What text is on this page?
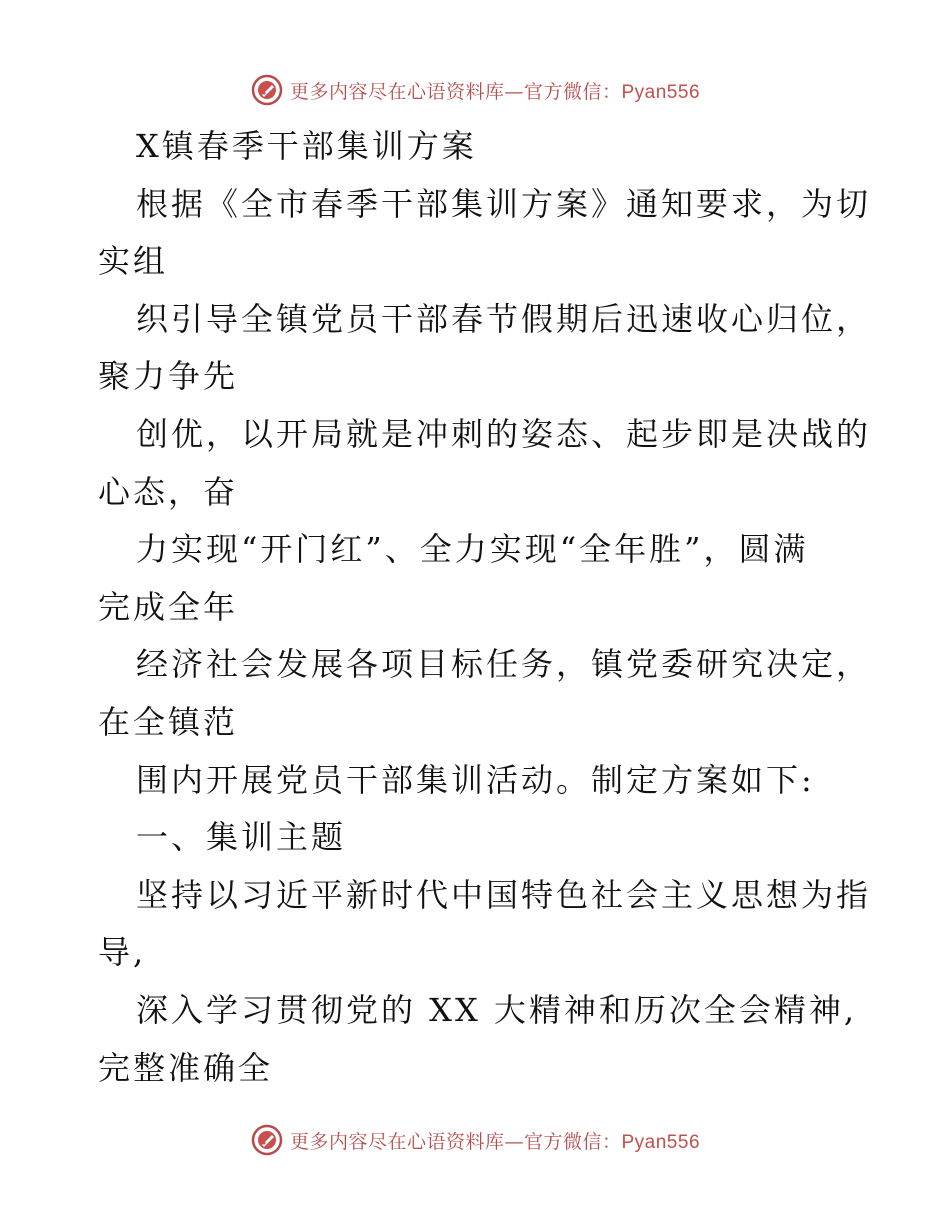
更多内容尽在心语资料库—官方微信：Pyan556
X镇春季干部集训方案
根据《全市春季干部集训方案》通知要求，为切
实组
织引导全镇党员干部春节假期后迅速收心归位，
聚力争先
创优，以开局就是冲刺的姿态、起步即是决战的
心态，奋
力实现“开门红”、全力实现“全年胜”，圆满
完成全年
经济社会发展各项目标任务，镇党委研究决定，
在全镇范
围内开展党员干部集训活动。制定方案如下:
一、集训主题
坚持以习近平新时代中国特色社会主义思想为指
导,
深入学习贯彻党的 XX 大精神和历次全会精神,
完整准确全
更多内容尽在心语资料库—官方微信：Pyan556
